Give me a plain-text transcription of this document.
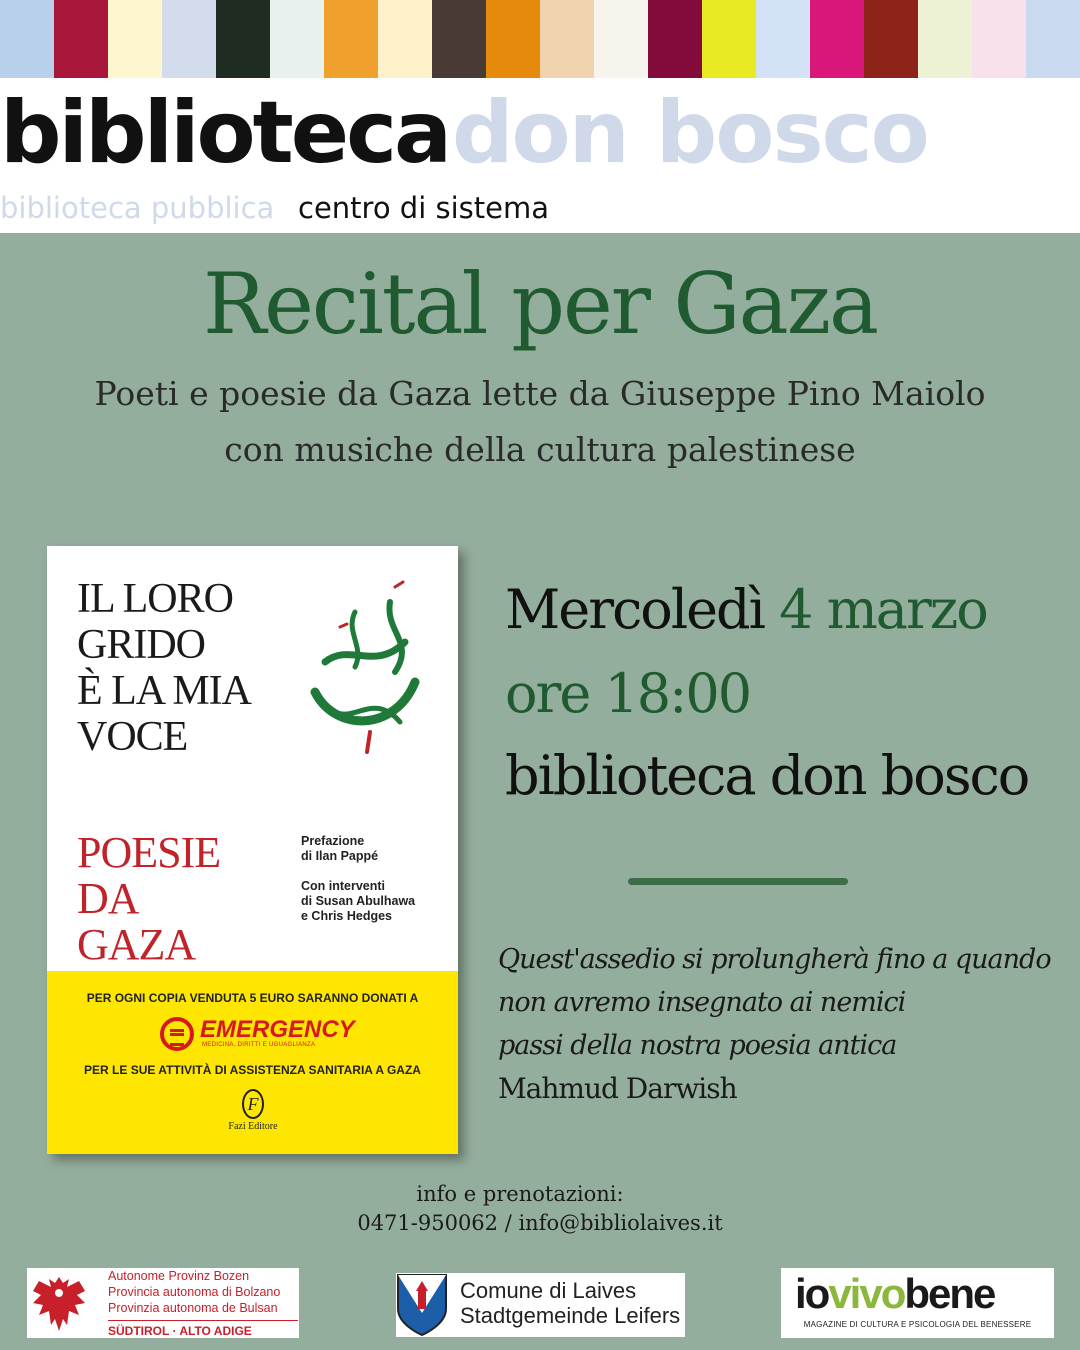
biblioteca don bosco
biblioteca pubblica centro di sistema
Recital per Gaza
Poeti e poesie da Gaza lette da Giuseppe Pino Maiolo
con musiche della cultura palestinese
IL LORO
GRIDO
È LA MIA
VOCE
POESIE
DA
GAZA
Prefazione
di Ilan Pappé
Con interventi
di Susan Abulhawa
e Chris Hedges
PER OGNI COPIA VENDUTA 5 EURO SARANNO DONATI A
EMERGENCY
MEDICINA, DIRITTI E UGUAGLIANZA
PER LE SUE ATTIVITÀ DI ASSISTENZA SANITARIA A GAZA
F
Fazi Editore
Mercoledì 4 marzo
ore 18:00
biblioteca don bosco
Quest'assedio si prolungherà fino a quando
non avremo insegnato ai nemici
passi della nostra poesia antica
Mahmud Darwish
info e prenotazioni:
0471-950062 / info@bibliolaives.it
Autonome Provinz Bozen
Provincia autonoma di Bolzano
Provinzia autonoma de Bulsan
SÜDTIROL · ALTO ADIGE
Comune di Laives
Stadtgemeinde Leifers	iovivobene
MAGAZINE DI CULTURA E PSICOLOGIA DEL BENESSERE
